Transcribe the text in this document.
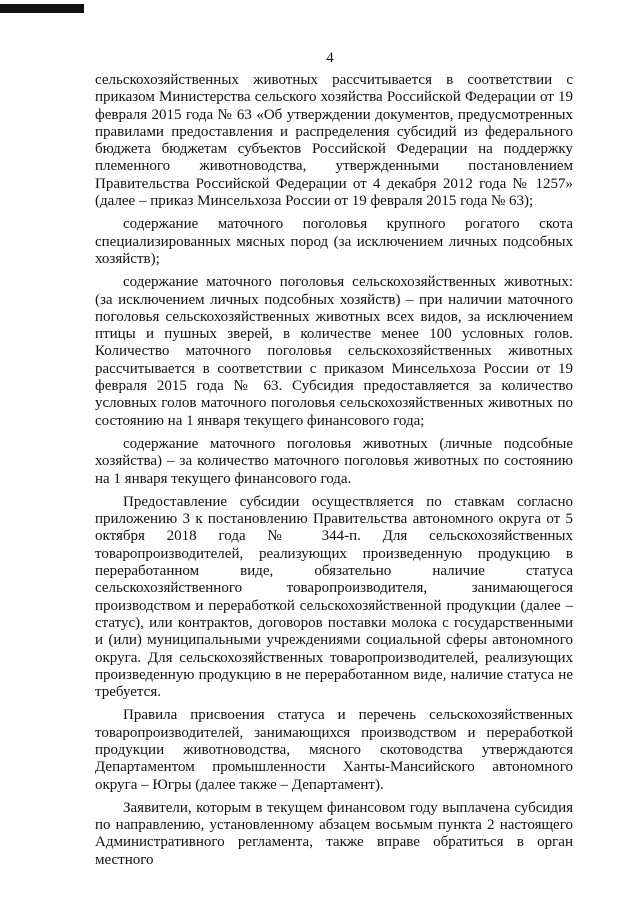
4

сельскохозяйственных животных рассчитывается в соответствии с приказом Министерства сельского хозяйства Российской Федерации от 19 февраля 2015 года № 63 «Об утверждении документов, предусмотренных правилами предоставления и распределения субсидий из федерального бюджета бюджетам субъектов Российской Федерации на поддержку племенного животноводства, утвержденными постановлением Правительства Российской Федерации от 4 декабря 2012 года № 1257» (далее – приказ Минсельхоза России от 19 февраля 2015 года № 63);

содержание маточного поголовья крупного рогатого скота специализированных мясных пород (за исключением личных подсобных хозяйств);

содержание маточного поголовья сельскохозяйственных животных: (за исключением личных подсобных хозяйств) – при наличии маточного поголовья сельскохозяйственных животных всех видов, за исключением птицы и пушных зверей, в количестве менее 100 условных голов. Количество маточного поголовья сельскохозяйственных животных рассчитывается в соответствии с приказом Минсельхоза России от 19 февраля 2015 года № 63. Субсидия предоставляется за количество условных голов маточного поголовья сельскохозяйственных животных по состоянию на 1 января текущего финансового года;

содержание маточного поголовья животных (личные подсобные хозяйства) – за количество маточного поголовья животных по состоянию на 1 января текущего финансового года.

Предоставление субсидии осуществляется по ставкам согласно приложению 3 к постановлению Правительства автономного округа от 5 октября 2018 года № 344-п. Для сельскохозяйственных товаропроизводителей, реализующих произведенную продукцию в переработанном виде, обязательно наличие статуса сельскохозяйственного товаропроизводителя, занимающегося производством и переработкой сельскохозяйственной продукции (далее – статус), или контрактов, договоров поставки молока с государственными и (или) муниципальными учреждениями социальной сферы автономного округа. Для сельскохозяйственных товаропроизводителей, реализующих произведенную продукцию в не переработанном виде, наличие статуса не требуется.

Правила присвоения статуса и перечень сельскохозяйственных товаропроизводителей, занимающихся производством и переработкой продукции животноводства, мясного скотоводства утверждаются Департаментом промышленности Ханты-Мансийского автономного округа – Югры (далее также – Департамент).

Заявители, которым в текущем финансовом году выплачена субсидия по направлению, установленному абзацем восьмым пункта 2 настоящего Административного регламента, также вправе обратиться в орган местного
